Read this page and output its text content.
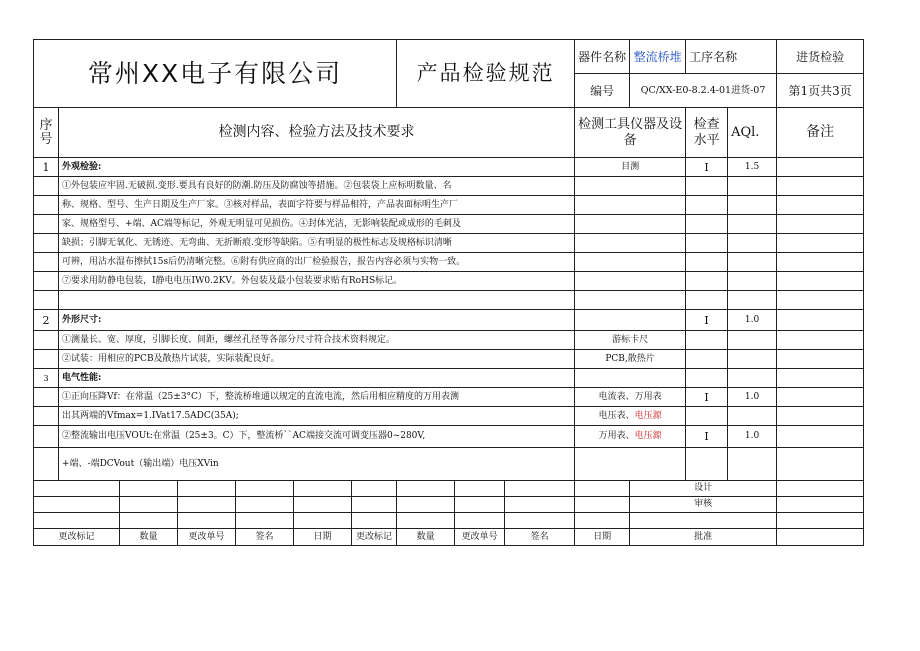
常州XX电子有限公司							产品检验规范			器件名称	整流桥堆	工序名称		进货检验
										编号	QC/XX-E0-8.2.4-01进货-07			第1页共3页
序号	检测内容、检验方法及技术要求									检测工具仪器及设备		检查水平	AQl.	备注
1	外观检验:									目测		I	1.5	
	①外包装应牢固.无破损.变形.要具有良好的防潮.防压及防腐蚀等措施。②包装袋上应标明数量、名													
	称、规格、型号、生产日期及生产厂家。③核对样品，表面字符要与样品相符，产品表面标明生产厂													
	家、规格型号、+端、AC端等标记，外观无明显可见损伤。④封体光洁，无影响装配或成形的毛刺及													
	缺损；引脚无氧化、无锈迹、无弯曲、无折断痕.变形等缺陷。⑤有明显的极性标志及规格标识清晰													
	可辨，用沾水湿布擦拭15s后仍清晰完整。⑥附有供应商的出厂检验报告，报告内容必须与实物一致。													
	⑦要求用防静电包装，I静电电压IW0.2KV。外包装及最小包装要求贴有RoHS标记。													

2	外形尺寸:											I	1.0	
	①测量长、宽、厚度，引脚长度、间距，螺丝孔径等各部分尺寸符合技术资料规定。									游标卡尺				
	②试装：用相应的PCB及散热片试装，实际装配良好。									PCB,散热片				
3	电气性能:													
	①正向压降Vf：在常温（25±3°C）下，整流桥堆通以规定的直流电流，然后用相应精度的万用表测									电流表、万用表		I	1.0	
	出其两端的Vfmax=1.IVat17.5ADC(35A);									电压表、电压源				
	②整流输出电压VOUt:在常温（25±3。C）下，整流桥``AC端接交流可调变压器0~280V,									万用表、电压源		I	1.0	
	+端、-端DCVout（输出端）电压XVin													
											设计			
											审核			

更改标记		数量	更改单号	签名	日期	更改标记	数量	更改单号	签名	日期	批准			
